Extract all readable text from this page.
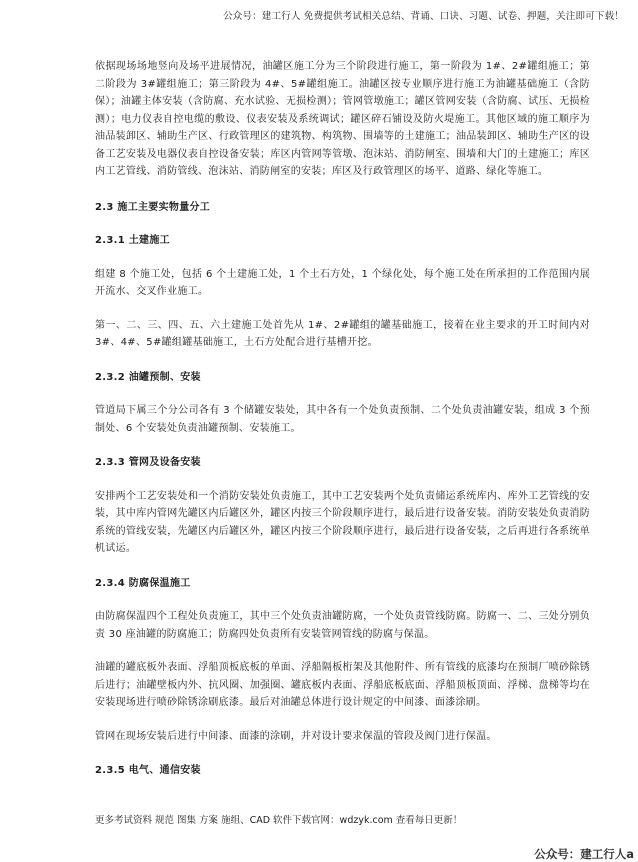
公众号：建工行人 免费提供考试相关总结、背诵、口诀、习题、试卷、押题，关注即可下载！

依据现场场地竖向及场平进展情况，油罐区施工分为三个阶段进行施工，第一阶段为 1#、2#罐组施工；第二阶段为 3#罐组施工；第三阶段为 4#、5#罐组施工。油罐区按专业顺序进行施工为油罐基础施工（含防保）；油罐主体安装（含防腐、充水试验、无损检测）；管网管墩施工；罐区管网安装（含防腐、试压、无损检测）；电力仪表自控电缆的敷设、仪表安装及系统调试；罐区碎石铺设及防火堤施工。其他区域的施工顺序为油品装卸区、辅助生产区、行政管理区的建筑物、构筑物、围墙等的土建施工；油品装卸区、辅助生产区的设备工艺安装及电器仪表自控设备安装；库区内管网等管墩、泡沫站、消防闸室、围墙和大门的土建施工；库区内工艺管线、消防管线、泡沫站、消防闸室的安装；库区及行政管理区的场平、道路、绿化等施工。

2.3 施工主要实物量分工

2.3.1 土建施工

组建 8 个施工处，包括 6 个土建施工处，1 个土石方处，1 个绿化处，每个施工处在所承担的工作范围内展开流水、交叉作业施工。

第一、二、三、四、五、六土建施工处首先从 1#、2#罐组的罐基础施工，接着在业主要求的开工时间内对 3#、4#、5#罐组罐基础施工，土石方处配合进行基槽开挖。

2.3.2 油罐预制、安装

管道局下属三个分公司各有 3 个储罐安装处，其中各有一个处负责预制、二个处负责油罐安装，组成 3 个预制处、6 个安装处负责油罐预制、安装施工。

2.3.3 管网及设备安装

安排两个工艺安装处和一个消防安装处负责施工，其中工艺安装两个处负责储运系统库内、库外工艺管线的安装，其中库内管网先罐区内后罐区外，罐区内按三个阶段顺序进行，最后进行设备安装。消防安装处负责消防系统的管线安装，先罐区内后罐区外，罐区内按三个阶段顺序进行，最后进行设备安装，之后再进行各系统单机试运。

2.3.4 防腐保温施工

由防腐保温四个工程处负责施工，其中三个处负责油罐防腐，一个处负责管线防腐。防腐一、二、三处分别负责 30 座油罐的防腐施工；防腐四处负责所有安装管网管线的防腐与保温。

油罐的罐底板外表面、浮船顶板底板的单面、浮船隔板桁架及其他附件、所有管线的底漆均在预制厂喷砂除锈后进行；油罐壁板内外、抗风圈、加强圈、罐底板内表面、浮船底板底面、浮船顶板顶面、浮梯、盘梯等均在安装现场进行喷砂除锈涂刷底漆。最后对油罐总体进行设计规定的中间漆、面漆涂刷。

管网在现场安装后进行中间漆、面漆的涂刷，并对设计要求保温的管段及阀门进行保温。

2.3.5 电气、通信安装

更多考试资料 规范 图集 方案 施组、CAD 软件下载官网：wdzyk.com 查看每日更新！
公众号：建工行人a
